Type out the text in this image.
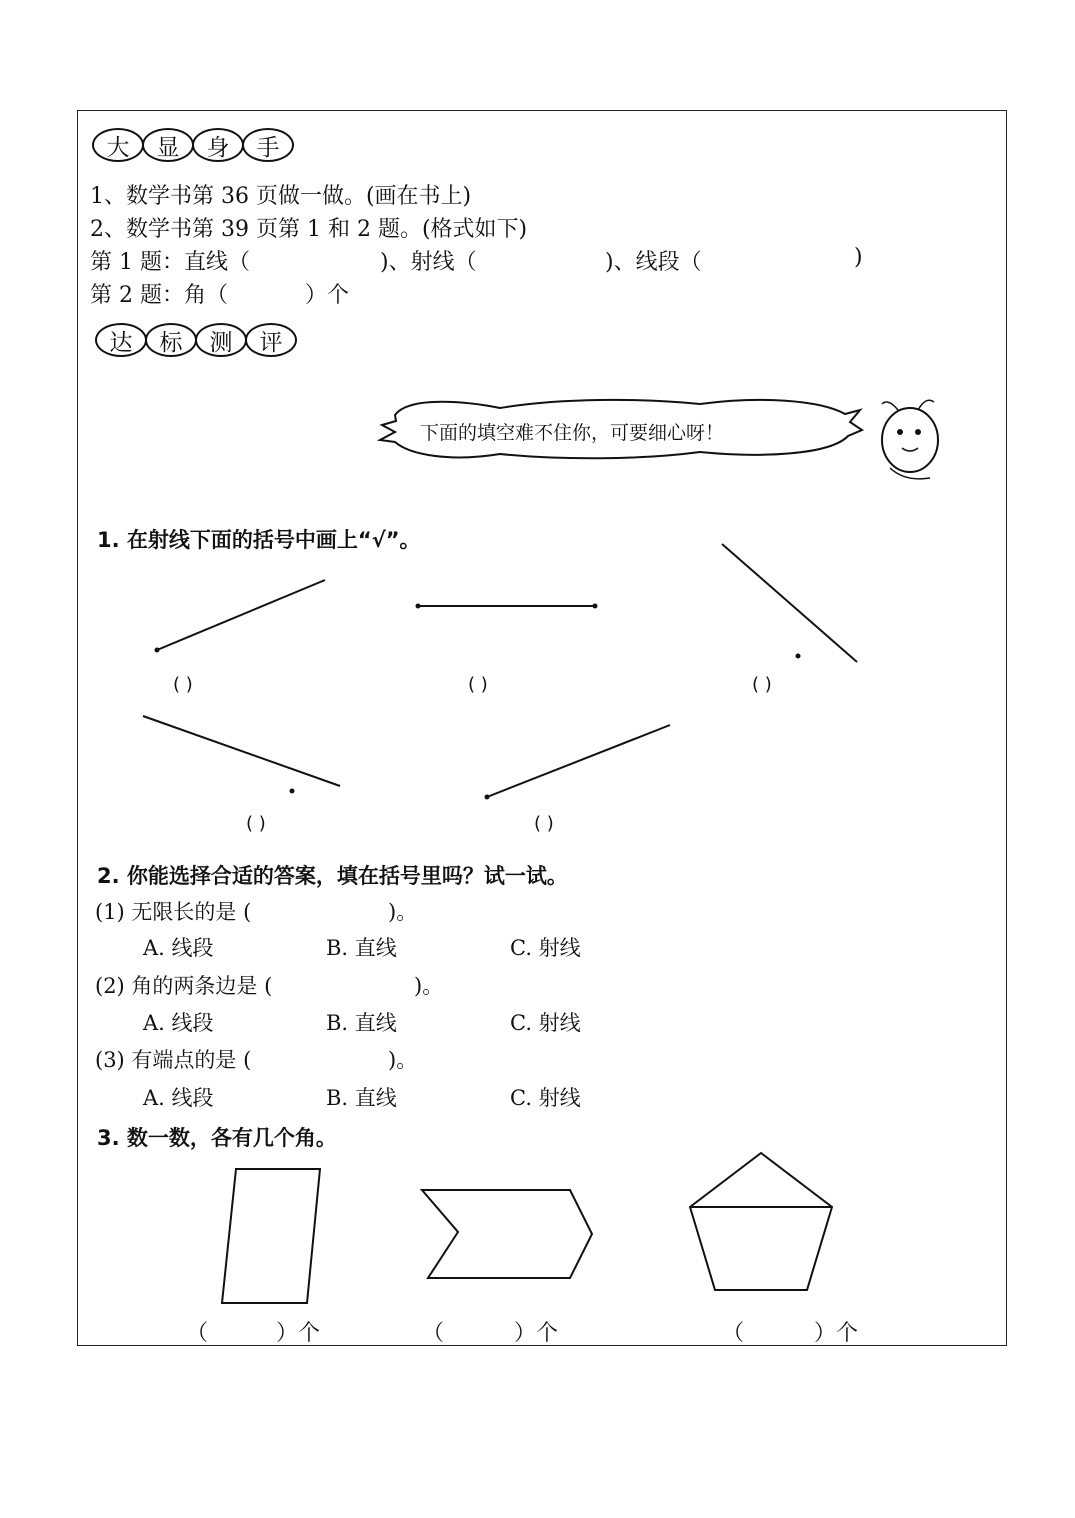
大	显	身	手
1、数学书第 36 页做一做。(画在书上)
2、数学书第 39 页第 1 和 2 题。(格式如下)
第 1 题：直线（	)、射线（	)、线段（	)
第 2 题：角（	）个
达	标	测	评
下面的填空难不住你，可要细心呀！
1. 在射线下面的括号中画上“√”。
( )	( )	( )
( )	( )
2. 你能选择合适的答案，填在括号里吗？试一试。
(1) 无限长的是 (	)。
A. 线段	B. 直线	C. 射线
(2) 角的两条边是 (	)。
A. 线段	B. 直线	C. 射线
(3) 有端点的是 (	)。
A. 线段	B. 直线	C. 射线
3. 数一数，各有几个角。
（	）个	（	）个	（	）个
